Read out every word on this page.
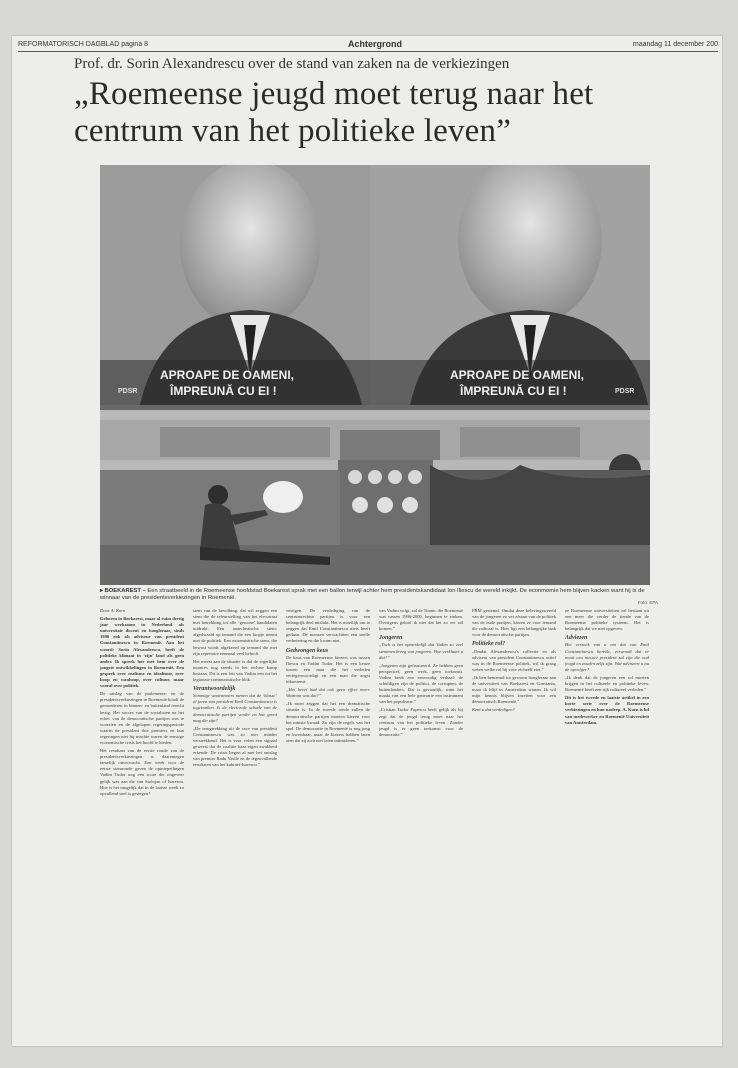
REFORMATORISCH DAGBLAD pagina 8	Achtergrond	maandag 11 december 200
Prof. dr. Sorin Alexandrescu over de stand van zaken na de verkiezingen
„Roemeense jeugd moet terug naar het centrum van het politieke leven”
APROAPE DE OAMENI,
ÎMPREUNĂ CU EI !
APROAPE DE OAMENI,
ÎMPREUNĂ CU EI !
PDSR	PDSR
▸ BOEKAREST – Een straatbeeld in de Roemeense hoofdstad Boekarest sprak met een ballon terwijl achter hem presidentskandidaat Ion Iliescu de wereld inkijkt. De econmomie hem blijven kacken want hij is de winnaar van de presidentsverkiezingen in Roemenië.
Foto: EPA

Door A. Korn

Geboren in Boekarest, maar al ruim dertig jaar werkzaam in Nederland als universitair docent en hoogleraar, sinds 1996 ook als adviseur van president Constantinescu in Roemenië. Aan het woord: Sorin Alexandrescu, heeft de politieke klimaat in ‘zijn’ land als geen ander. Ik spreek hoe met hem over de jongste ontwikkelingen in Roemenië. Een gesprek over realisme en idealisme, over hoop en wanhoop, over cultuur, maar vooral over politiek.

De uitslag van de parlements- en de presidentsverkiezingen in Roemenië houdt de gemoederen in binnen- en buitenland terecht bezig. Het succes van de socialisten na het echec van de democratische partijen was te voorzien en de afgelopen regeringsperiode waarin de president drie premiers en hun regeringen niet bij machte waren de ernstige economische crisis het hoofd te bieden.

Het resultaat van de eerste ronde van de presidentsverkiezingen is daarentegen tamelijk onverwacht. Een week voor de eerste stemronde gaven de opiniepeilingen Vadim Tudor nog een score die ongeveer gelijk was aan die van Stolojan of Isarescu. Hoe is het mogelijk dat in de laatste week zo opvallend snel is gestegen?

stem van de bevolking, dat wil zeggen een stem die de teleurstelling van het electoraat met betrekking tot alle ‘gewone’ kandidaten uitdrukt. Een anarchistische stem: afgedwaald op iemand die een loopje neemt met de politiek. Een extremistische stem, die bewust wordt afgekeerd op iemand die met zijn repertoire eenmaal veel belooft.

Het meest aan de situatie is dat de ergerlijke nuances nog steeds in het rechtse kamp bestaan. Dit is een feit van Vadim een tot het legionair-communistische blok.

Verantwoordelijk

Sommige waarnemers menen dat de ‘klasse’ al jaren van president Emil Constantinescu is ingezonken. Is de electorale schade van de democratische partijen verder en hoe groot mag die zijn?

„De terugtrekking uit de race van president Constantinescu was zo niet minder verstrekkend. Het is voor velen een signaal geweest dat de coalitie haar eigen zwakheid erkende. De crisis begon al met het ontslag van premier Radu Vasile en de tegenvallende resultaten van het kabinet-Isarescu.”

vestigen. De verdediging van de centrumrechtse partijen is voor een belangrijk deel mislukt. Het is moeilijk om te zeggen dat Emil Constantinescu niets heeft gedaan. De mensen verwachtten een snelle verbetering en die kwam niet.

Gedwongen keus

De keus van Roemeense kiezers was tussen Iliescu en Vadim Tudor. Het is een keuze tussen een man die het verleden vertegenwoordigt en een man die angst inboezemt.

„Het bevel had dat ook geen effect meer. Waarom was dat?”

„Ik moet zeggen dat het een dramatische situatie is. In de tweede ronde zullen de democratische partijen moeten kiezen voor het minste kwaad. Zo zijn de regels van het spel. De democratie in Roemenië is nog jong en kwetsbaar, maar de kiezers hebben laten zien dat zij zich niet laten intimideren.”

van Vadim volgt, zal de Titanic die Roemenië was tussen 1996-2000, beginnen te zinken. Overigens geloof ik niet dat het zo ver zal komen.”

Jongeren

„Toch is het opmerkelijk dat Vadim zo veel stemmen kreeg van jongeren. Hoe verklaart u dat?”

„Jongeren zijn gefrustreerd. Ze hebben geen perspectief, geen werk, geen toekomst. Vadim biedt een eenvoudig verhaal: de schuldigen zijn de politici, de corrupten, de buitenlanders. Dat is gevaarlijk, want het maakt van een hele generatie een instrument van het populisme.”

„Cristian Tudor Popescu heeft gelijk als hij zegt dat de jeugd terug moet naar het centrum van het politieke leven. Zonder jeugd is er geen toekomst voor de democratie.”

PRM gestemd. Omdat deze belevingswereld van de jongeren zo ver afstaat van de politiek van de oude partijen, kiezen ze voor iemand die radicaal is. Hier ligt een belangrijke taak voor de democratische partijen.

Politieke rol?

„Omdat Alexandrescu’s collectie en als adviseur van president Constantinescu actief was in de Roemeense politiek, wil ik graag weten welke rol hij voor zichzelf ziet.”

„Ik ben benoemd tot gewoon hoogleraar aan de universiteit van Boekarest en Constanta, maar ik blijf in Amsterdam wonen. Ik wil mijn kennis blijven inzetten voor een democratisch Roemenië.”

Kent u dat verdedigen?

ze Roemeense universiteiten zal bestaan uit een meer die verder de tiende van de Roemeense politieke systeem. Het is belangrijk dat we niet opgeven.

Adviezen

Het verzoek van u om dat van Emil Constantinescu bereikt, verwondt dat er nooit een nieuwe president zal zijn die oud jeugd en zouden zelfs zijn. Wat adviseert u nu de opvolger?

„Ik denk dat de jongeren een rol moeten krijgen in het culturele en politieke leven. Roemenië heeft een rijk cultureel verleden.”

Dit is het tweede en laatste artikel in een korte serie over de Roemeense verkiezingen en hun nasleep. A. Korn is lid van medewerker en Roemenië Universiteit van Amsterdam.
